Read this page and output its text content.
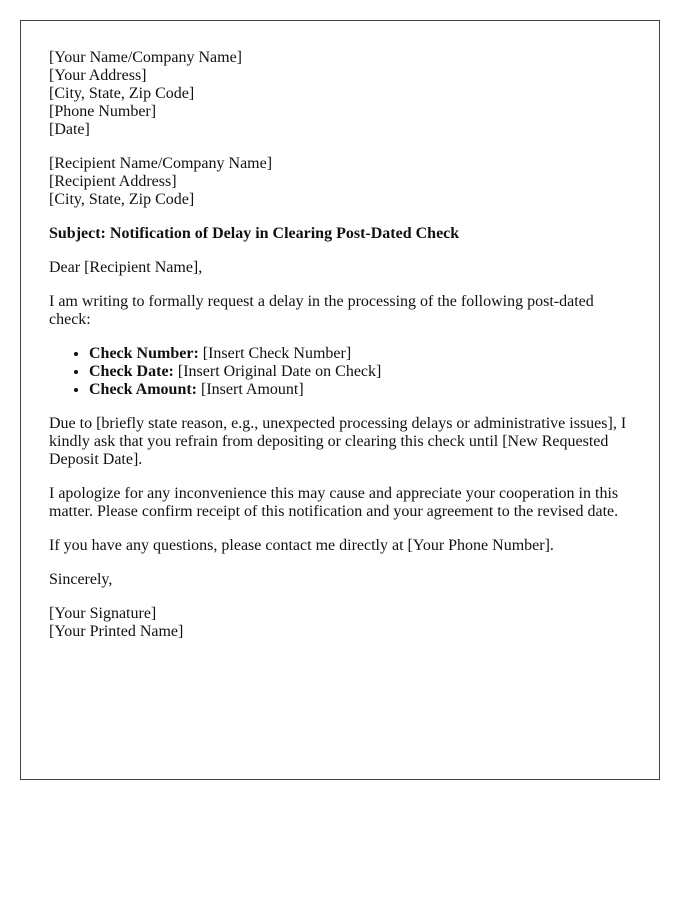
[Your Name/Company Name]
[Your Address]
[City, State, Zip Code]
[Phone Number]
[Date]
[Recipient Name/Company Name]
[Recipient Address]
[City, State, Zip Code]

Subject: Notification of Delay in Clearing Post-Dated Check

Dear [Recipient Name],

I am writing to formally request a delay in the processing of the following post-dated check:

• Check Number: [Insert Check Number]
• Check Date: [Insert Original Date on Check]
• Check Amount: [Insert Amount]

Due to [briefly state reason, e.g., unexpected processing delays or administrative issues], I kindly ask that you refrain from depositing or clearing this check until [New Requested Deposit Date].

I apologize for any inconvenience this may cause and appreciate your cooperation in this matter. Please confirm receipt of this notification and your agreement to the revised date.

If you have any questions, please contact me directly at [Your Phone Number].

Sincerely,

[Your Signature]
[Your Printed Name]
